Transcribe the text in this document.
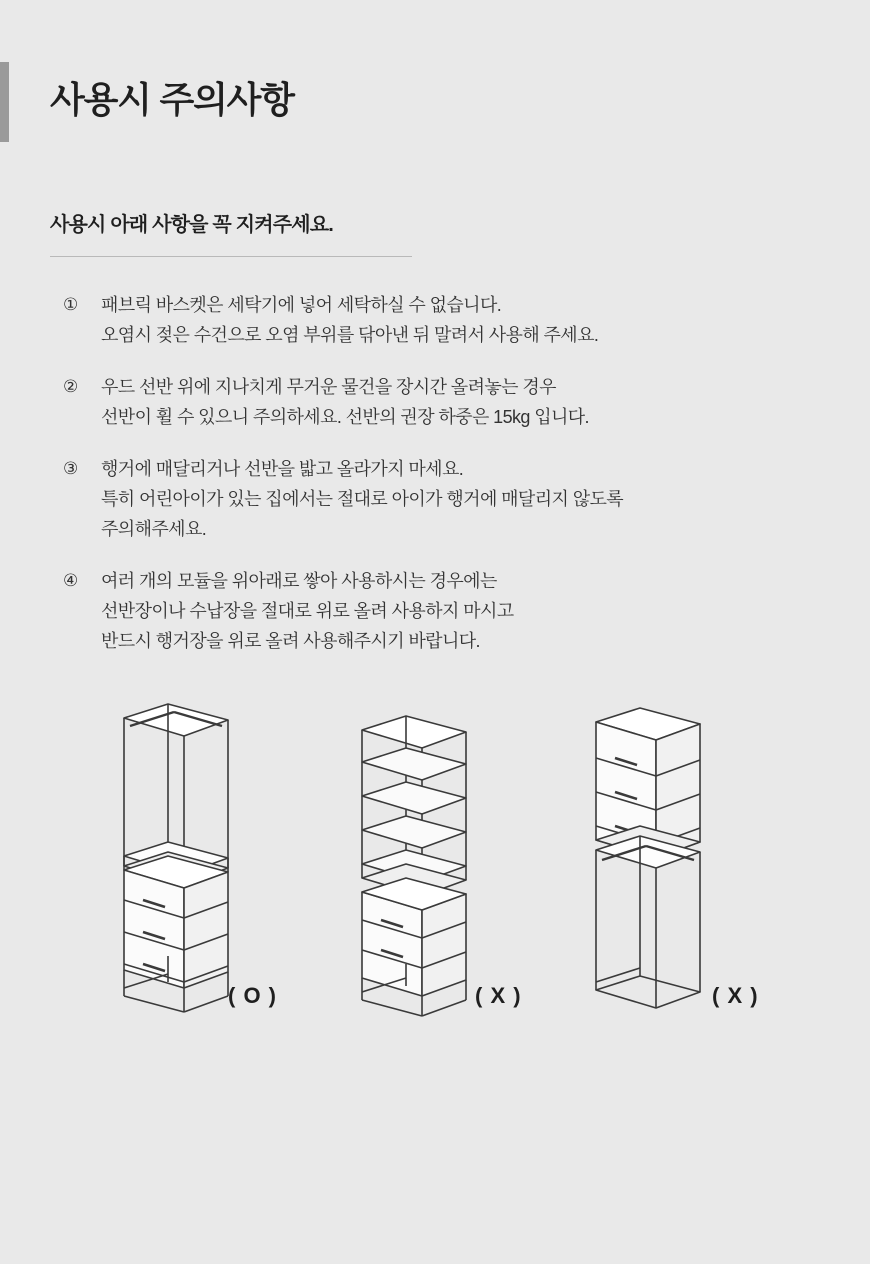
사용시 주의사항
사용시 아래 사항을 꼭 지켜주세요.
①	패브릭 바스켓은 세탁기에 넣어 세탁하실 수 없습니다.
오염시 젖은 수건으로 오염 부위를 닦아낸 뒤 말려서 사용해 주세요.
②	우드 선반 위에 지나치게 무거운 물건을 장시간 올려놓는 경우
선반이 휠 수 있으니 주의하세요. 선반의 권장 하중은 15kg 입니다.
③	행거에 매달리거나 선반을 밟고 올라가지 마세요.
특히 어린아이가 있는 집에서는 절대로 아이가 행거에 매달리지 않도록
주의해주세요.
④	여러 개의 모듈을 위아래로 쌓아 사용하시는 경우에는
선반장이나 수납장을 절대로 위로 올려 사용하지 마시고
반드시 행거장을 위로 올려 사용해주시기 바랍니다.
( O )	( X )	( X )
